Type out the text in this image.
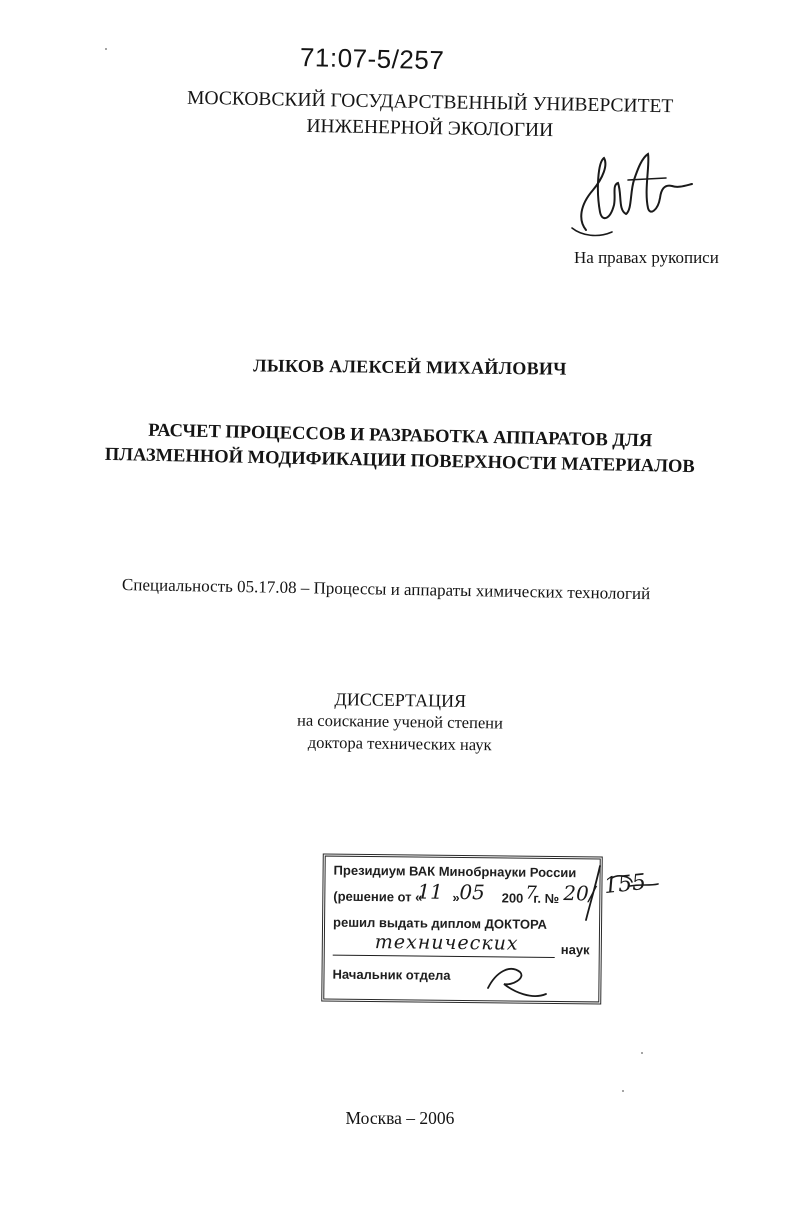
71:07-5/257
МОСКОВСКИЙ ГОСУДАРСТВЕННЫЙ УНИВЕРСИТЕТ
ИНЖЕНЕРНОЙ ЭКОЛОГИИ
На правах рукописи
ЛЫКОВ АЛЕКСЕЙ МИХАЙЛОВИЧ
РАСЧЕТ ПРОЦЕССОВ И РАЗРАБОТКА АППАРАТОВ ДЛЯ
ПЛАЗМЕННОЙ МОДИФИКАЦИИ ПОВЕРХНОСТИ МАТЕРИАЛОВ
Специальность 05.17.08 – Процессы и аппараты химических технологий
ДИССЕРТАЦИЯ
на соискание ученой степени
доктора технических наук
Президиум ВАК Минобрнауки России
(решение от « »	200 г. №
11 05 7 20/
решил выдать диплом ДОКТОРА
технических	наук
Начальник отдела
155
Москва – 2006
